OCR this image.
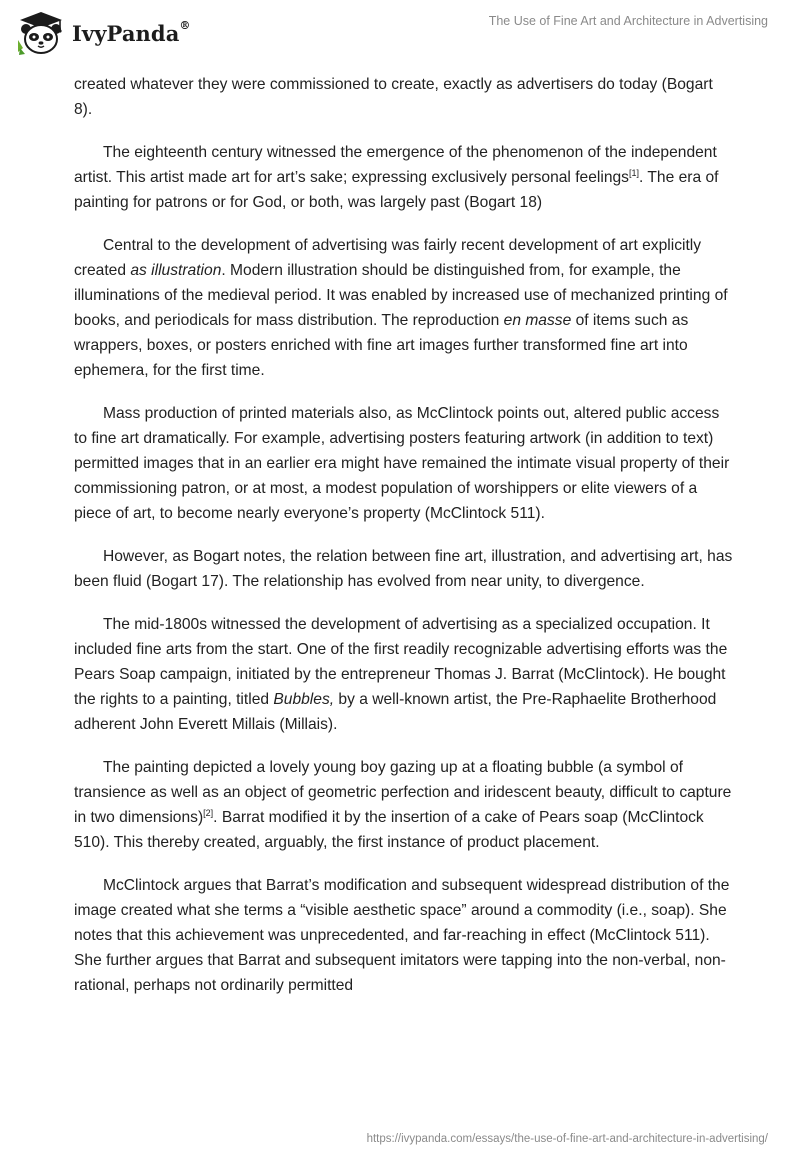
IvyPanda®	The Use of Fine Art and Architecture in Advertising

created whatever they were commissioned to create, exactly as advertisers do today (Bogart 8).

The eighteenth century witnessed the emergence of the phenomenon of the independent artist. This artist made art for art’s sake; expressing exclusively personal feelings[1]. The era of painting for patrons or for God, or both, was largely past (Bogart 18)

Central to the development of advertising was fairly recent development of art explicitly created as illustration. Modern illustration should be distinguished from, for example, the illuminations of the medieval period. It was enabled by increased use of mechanized printing of books, and periodicals for mass distribution. The reproduction en masse of items such as wrappers, boxes, or posters enriched with fine art images further transformed fine art into ephemera, for the first time.

Mass production of printed materials also, as McClintock points out, altered public access to fine art dramatically. For example, advertising posters featuring artwork (in addition to text) permitted images that in an earlier era might have remained the intimate visual property of their commissioning patron, or at most, a modest population of worshippers or elite viewers of a piece of art, to become nearly everyone’s property (McClintock 511).

However, as Bogart notes, the relation between fine art, illustration, and advertising art, has been fluid (Bogart 17). The relationship has evolved from near unity, to divergence.

The mid-1800s witnessed the development of advertising as a specialized occupation. It included fine arts from the start. One of the first readily recognizable advertising efforts was the Pears Soap campaign, initiated by the entrepreneur Thomas J. Barrat (McClintock). He bought the rights to a painting, titled Bubbles, by a well-known artist, the Pre-Raphaelite Brotherhood adherent John Everett Millais (Millais).

The painting depicted a lovely young boy gazing up at a floating bubble (a symbol of transience as well as an object of geometric perfection and iridescent beauty, difficult to capture in two dimensions)[2]. Barrat modified it by the insertion of a cake of Pears soap (McClintock 510). This thereby created, arguably, the first instance of product placement.

McClintock argues that Barrat’s modification and subsequent widespread distribution of the image created what she terms a “visible aesthetic space” around a commodity (i.e., soap). She notes that this achievement was unprecedented, and far-reaching in effect (McClintock 511). She further argues that Barrat and subsequent imitators were tapping into the non-verbal, non-rational, perhaps not ordinarily permitted

https://ivypanda.com/essays/the-use-of-fine-art-and-architecture-in-advertising/
